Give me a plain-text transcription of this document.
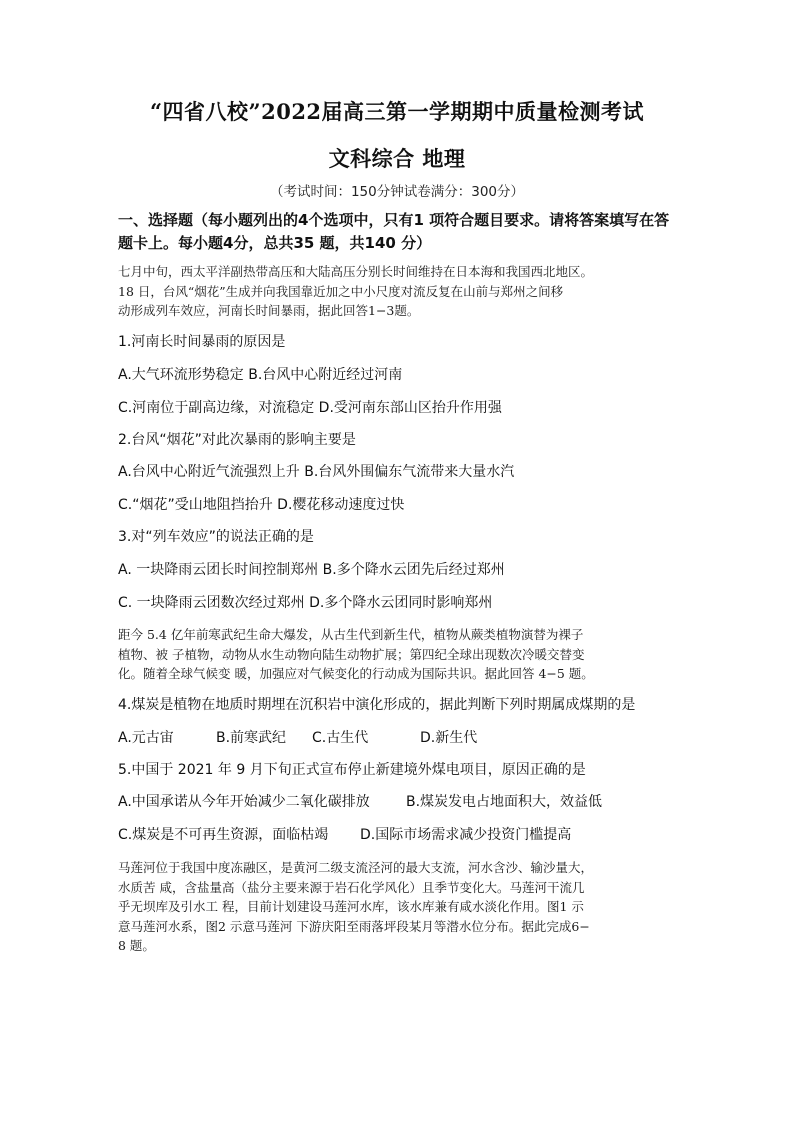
“四省八校”2022届高三第一学期期中质量检测考试
文科综合 地理
（考试时间：150分钟试卷满分：300分）
一、选择题（每小题列出的4个选项中，只有1 项符合题目要求。请将答案填写在答
题卡上。每小题4分，总共35 题，共140 分）
七月中旬，西太平洋副热带高压和大陆高压分别长时间维持在日本海和我国西北地区。
18 日，台风“烟花”生成并向我国靠近加之中小尺度对流反复在山前与郑州之间移
动形成列车效应，河南长时间暴雨，据此回答1−3题。
1.河南长时间暴雨的原因是
A.大气环流形势稳定 B.台风中心附近经过河南
C.河南位于副高边缘，对流稳定 D.受河南东部山区抬升作用强
2.台风“烟花”对此次暴雨的影响主要是
A.台风中心附近气流强烈上升 B.台风外围偏东气流带来大量水汽
C.“烟花”受山地阻挡抬升 D.樱花移动速度过快
3.对“列车效应”的说法正确的是
A. 一块降雨云团长时间控制郑州 B.多个降水云团先后经过郑州
C. 一块降雨云团数次经过郑州 D.多个降水云团同时影响郑州
距今 5.4 亿年前寒武纪生命大爆发，从古生代到新生代，植物从蕨类植物演替为裸子
植物、被 子植物，动物从水生动物向陆生动物扩展；第四纪全球出现数次冷暖交替变
化。随着全球气候变 暖，加强应对气候变化的行动成为国际共识。据此回答 4−5 题。
4.煤炭是植物在地质时期埋在沉积岩中演化形成的，据此判断下列时期属成煤期的是
A.元古宙	B.前寒武纪 C.古生代	D.新生代
5.中国于 2021 年 9 月下旬正式宣布停止新建境外煤电项目，原因正确的是
A.中国承诺从今年开始减少二氧化碳排放	B.煤炭发电占地面积大，效益低
C.煤炭是不可再生资源，面临枯竭 D.国际市场需求减少投资门槛提高
马莲河位于我国中度冻融区，是黄河二级支流泾河的最大支流，河水含沙、输沙量大，
水质苦 咸，含盐量高（盐分主要来源于岩石化学风化）且季节变化大。马莲河干流几
乎无坝库及引水工 程，目前计划建设马莲河水库，该水库兼有咸水淡化作用。图1 示
意马莲河水系，图2 示意马莲河 下游庆阳至雨落坪段某月等潜水位分布。据此完成6−
8 题。
